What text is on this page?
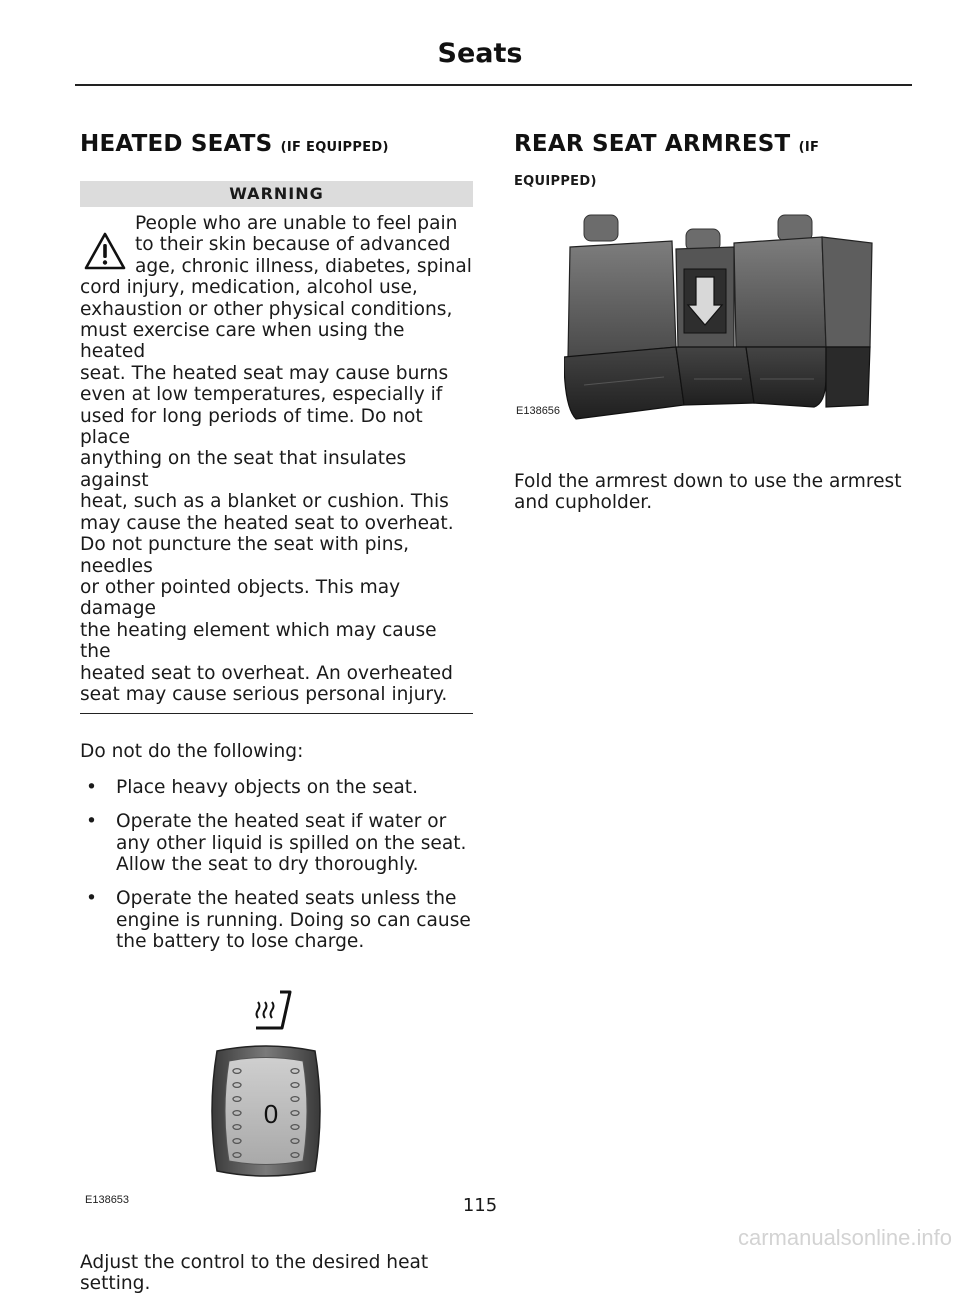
Seats
HEATED SEATS (IF EQUIPPED)
WARNING

People who are unable to feel pain

to their skin because of advanced

age, chronic illness, diabetes, spinal

cord injury, medication, alcohol use,

exhaustion or other physical conditions,

must exercise care when using the heated

seat. The heated seat may cause burns

even at low temperatures, especially if

used for long periods of time. Do not place

anything on the seat that insulates against

heat, such as a blanket or cushion. This

may cause the heated seat to overheat.

Do not puncture the seat with pins, needles

or other pointed objects. This may damage

the heating element which may cause the

heated seat to overheat. An overheated

seat may cause serious personal injury.

Do not do the following:

• Place heavy objects on the seat.
• Operate the heated seat if water or any other liquid is spilled on the seat. Allow the seat to dry thoroughly.
• Operate the heated seats unless the engine is running. Doing so can cause the battery to lose charge.
0
E138653

Adjust the control to the desired heat setting.

REAR SEAT ARMREST (IF
EQUIPPED)
E138656

Fold the armrest down to use the armrest and cupholder.

115
carmanualsonline.info
